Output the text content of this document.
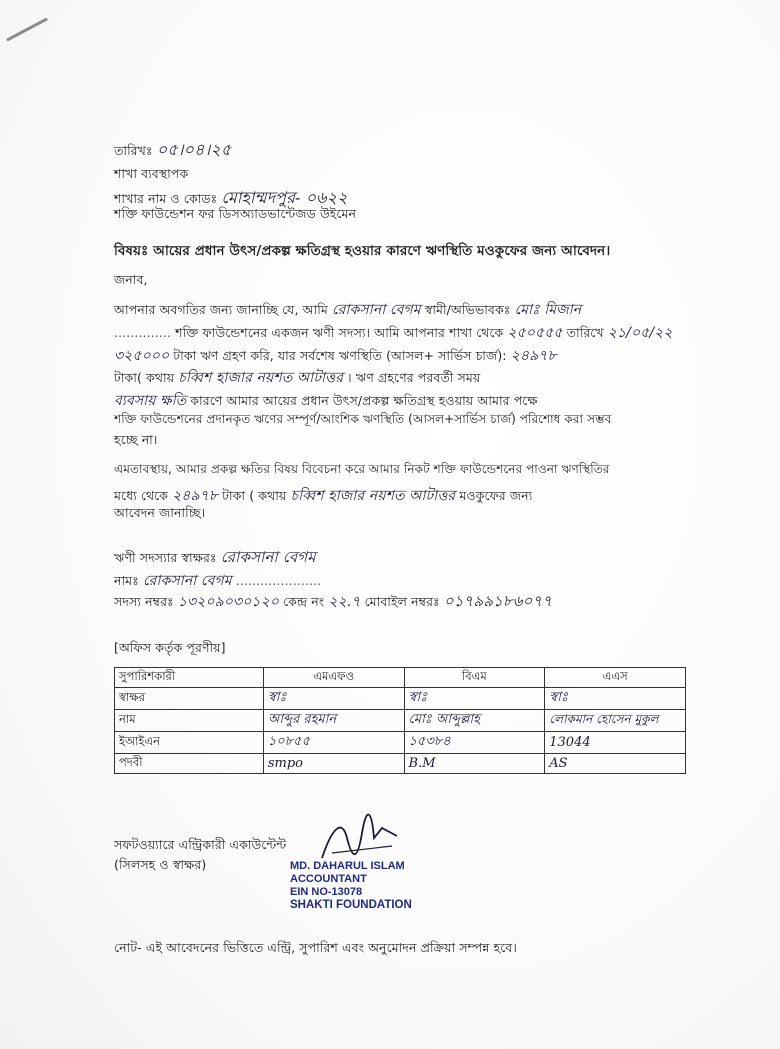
তারিখঃ ০৫।০৪।২৫
শাখা ব্যবস্থাপক
শাখার নাম ও কোডঃ মোহাম্মদপুর- ০৬২২
শক্তি ফাউন্ডেশন ফর ডিসঅ্যাডভান্টেজড উইমেন
বিষয়ঃ আয়ের প্রধান উৎস/প্রকল্প ক্ষতিগ্রস্থ হওয়ার কারণে ঋণস্থিতি মওকুফের জন্য আবেদন।
জনাব,
আপনার অবগতির জন্য জানাচ্ছি যে, আমি রোকসানা বেগম স্বামী/অভিভাবকঃ মোঃ মিজান
.............. শক্তি ফাউন্ডেশনের একজন ঋণী সদস্য। আমি আপনার শাখা থেকে ২৫০৫৫৫ তারিখে ২১/০৫/২২
৩২৫০০০ টাকা ঋণ গ্রহণ করি, যার সর্বশেষ ঋণস্থিতি (আসল+ সার্ভিস চার্জ): ২৪৯৭৮
টাকা( কথায় চব্বিশ হাজার নয়শত আটাত্তর । ঋণ গ্রহণের পরবর্তী সময়
ব্যবসায় ক্ষতি কারণে আমার আয়ের প্রধান উৎস/প্রকল্প ক্ষতিগ্রস্থ হওয়ায় আমার পক্ষে
শক্তি ফাউন্ডেশনের প্রদানকৃত ঋণের সম্পূর্ণ/আংশিক ঋণস্থিতি (আসল+সার্ভিস চার্জ) পরিশোধ করা সম্ভব
হচ্ছে না।
এমতাবস্থায়, আমার প্রকল্প ক্ষতির বিষয় বিবেচনা করে আমার নিকট শক্তি ফাউন্ডেশনের পাওনা ঋণস্থিতির
মধ্যে থেকে ২৪৯৭৮ টাকা ( কথায় চব্বিশ হাজার নয়শত আটাত্তর মওকুফের জন্য
আবেদন জানাচ্ছি।
ঋণী সদস্যার স্বাক্ষরঃ রোকসানা বেগম
নামঃ রোকসানা বেগম .....................
সদস্য নম্বরঃ ১৩২০৯০৩০১২০ কেন্দ্র নং ২২.৭ মোবাইল নম্বরঃ ০১৭৯৯১৮৬০৭৭
[অফিস কর্তৃক পূরণীয়]
সুপারিশকারী	এমএফও	বিএম	এএস
স্বাক্ষর	স্বাঃ	স্বাঃ	স্বাঃ
নাম	আব্দুর রহমান	মোঃ আব্দুল্লাহ	লোকমান হোসেন মুকুল
ইআইএন	১০৮৫৫	১৫৩৮৪	13044
পদবী	smpo	B.M	AS
সফটওয়্যারে এন্ট্রিকারী একাউন্টেন্ট
(সিলসহ ও স্বাক্ষর)	MD. DAHARUL ISLAM
ACCOUNTANT
EIN NO-13078
SHAKTI FOUNDATION
নোট- এই আবেদনের ভিত্তিতে এন্ট্রি, সুপারিশ এবং অনুমোদন প্রক্রিয়া সম্পন্ন হবে।
